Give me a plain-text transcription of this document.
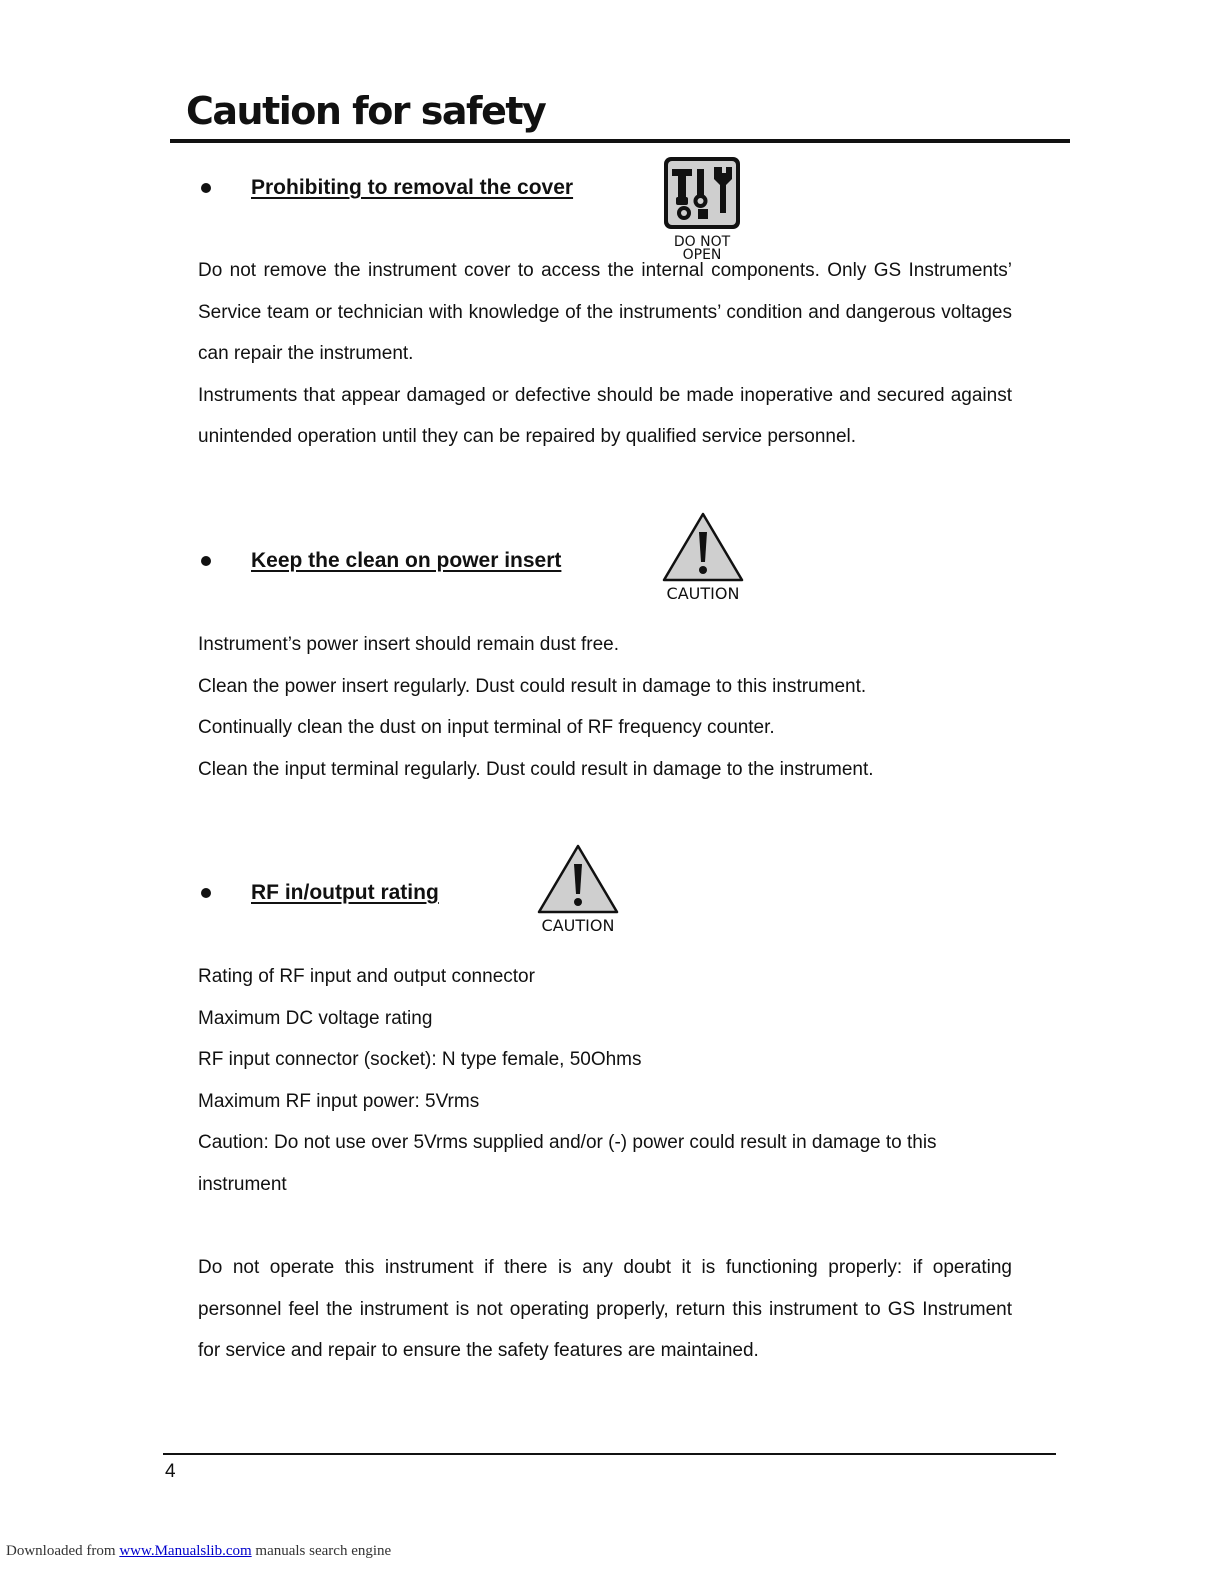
Caution for safety
Prohibiting to removal the cover
DO NOT
OPEN

Do not remove the instrument cover to access the internal components. Only GS Instruments’ Service team or technician with knowledge of the instruments’ condition and dangerous voltages can repair the instrument.

Instruments that appear damaged or defective should be made inoperative and secured against unintended operation until they can be repaired by qualified service personnel.

Keep the clean on power insert
CAUTION

Instrument’s power insert should remain dust free.

Clean the power insert regularly. Dust could result in damage to this instrument.

Continually clean the dust on input terminal of RF frequency counter.

Clean the input terminal regularly. Dust could result in damage to the instrument.

RF in/output rating
CAUTION

Rating of RF input and output connector

Maximum DC voltage rating

RF input connector (socket): N type female, 50Ohms

Maximum RF input power: 5Vrms

Caution: Do not use over 5Vrms supplied and/or (-) power could result in damage to this instrument

Do not operate this instrument if there is any doubt it is functioning properly: if operating personnel feel the instrument is not operating properly, return this instrument to GS Instrument for service and repair to ensure the safety features are maintained.

4
Downloaded from www.Manualslib.com manuals search engine
